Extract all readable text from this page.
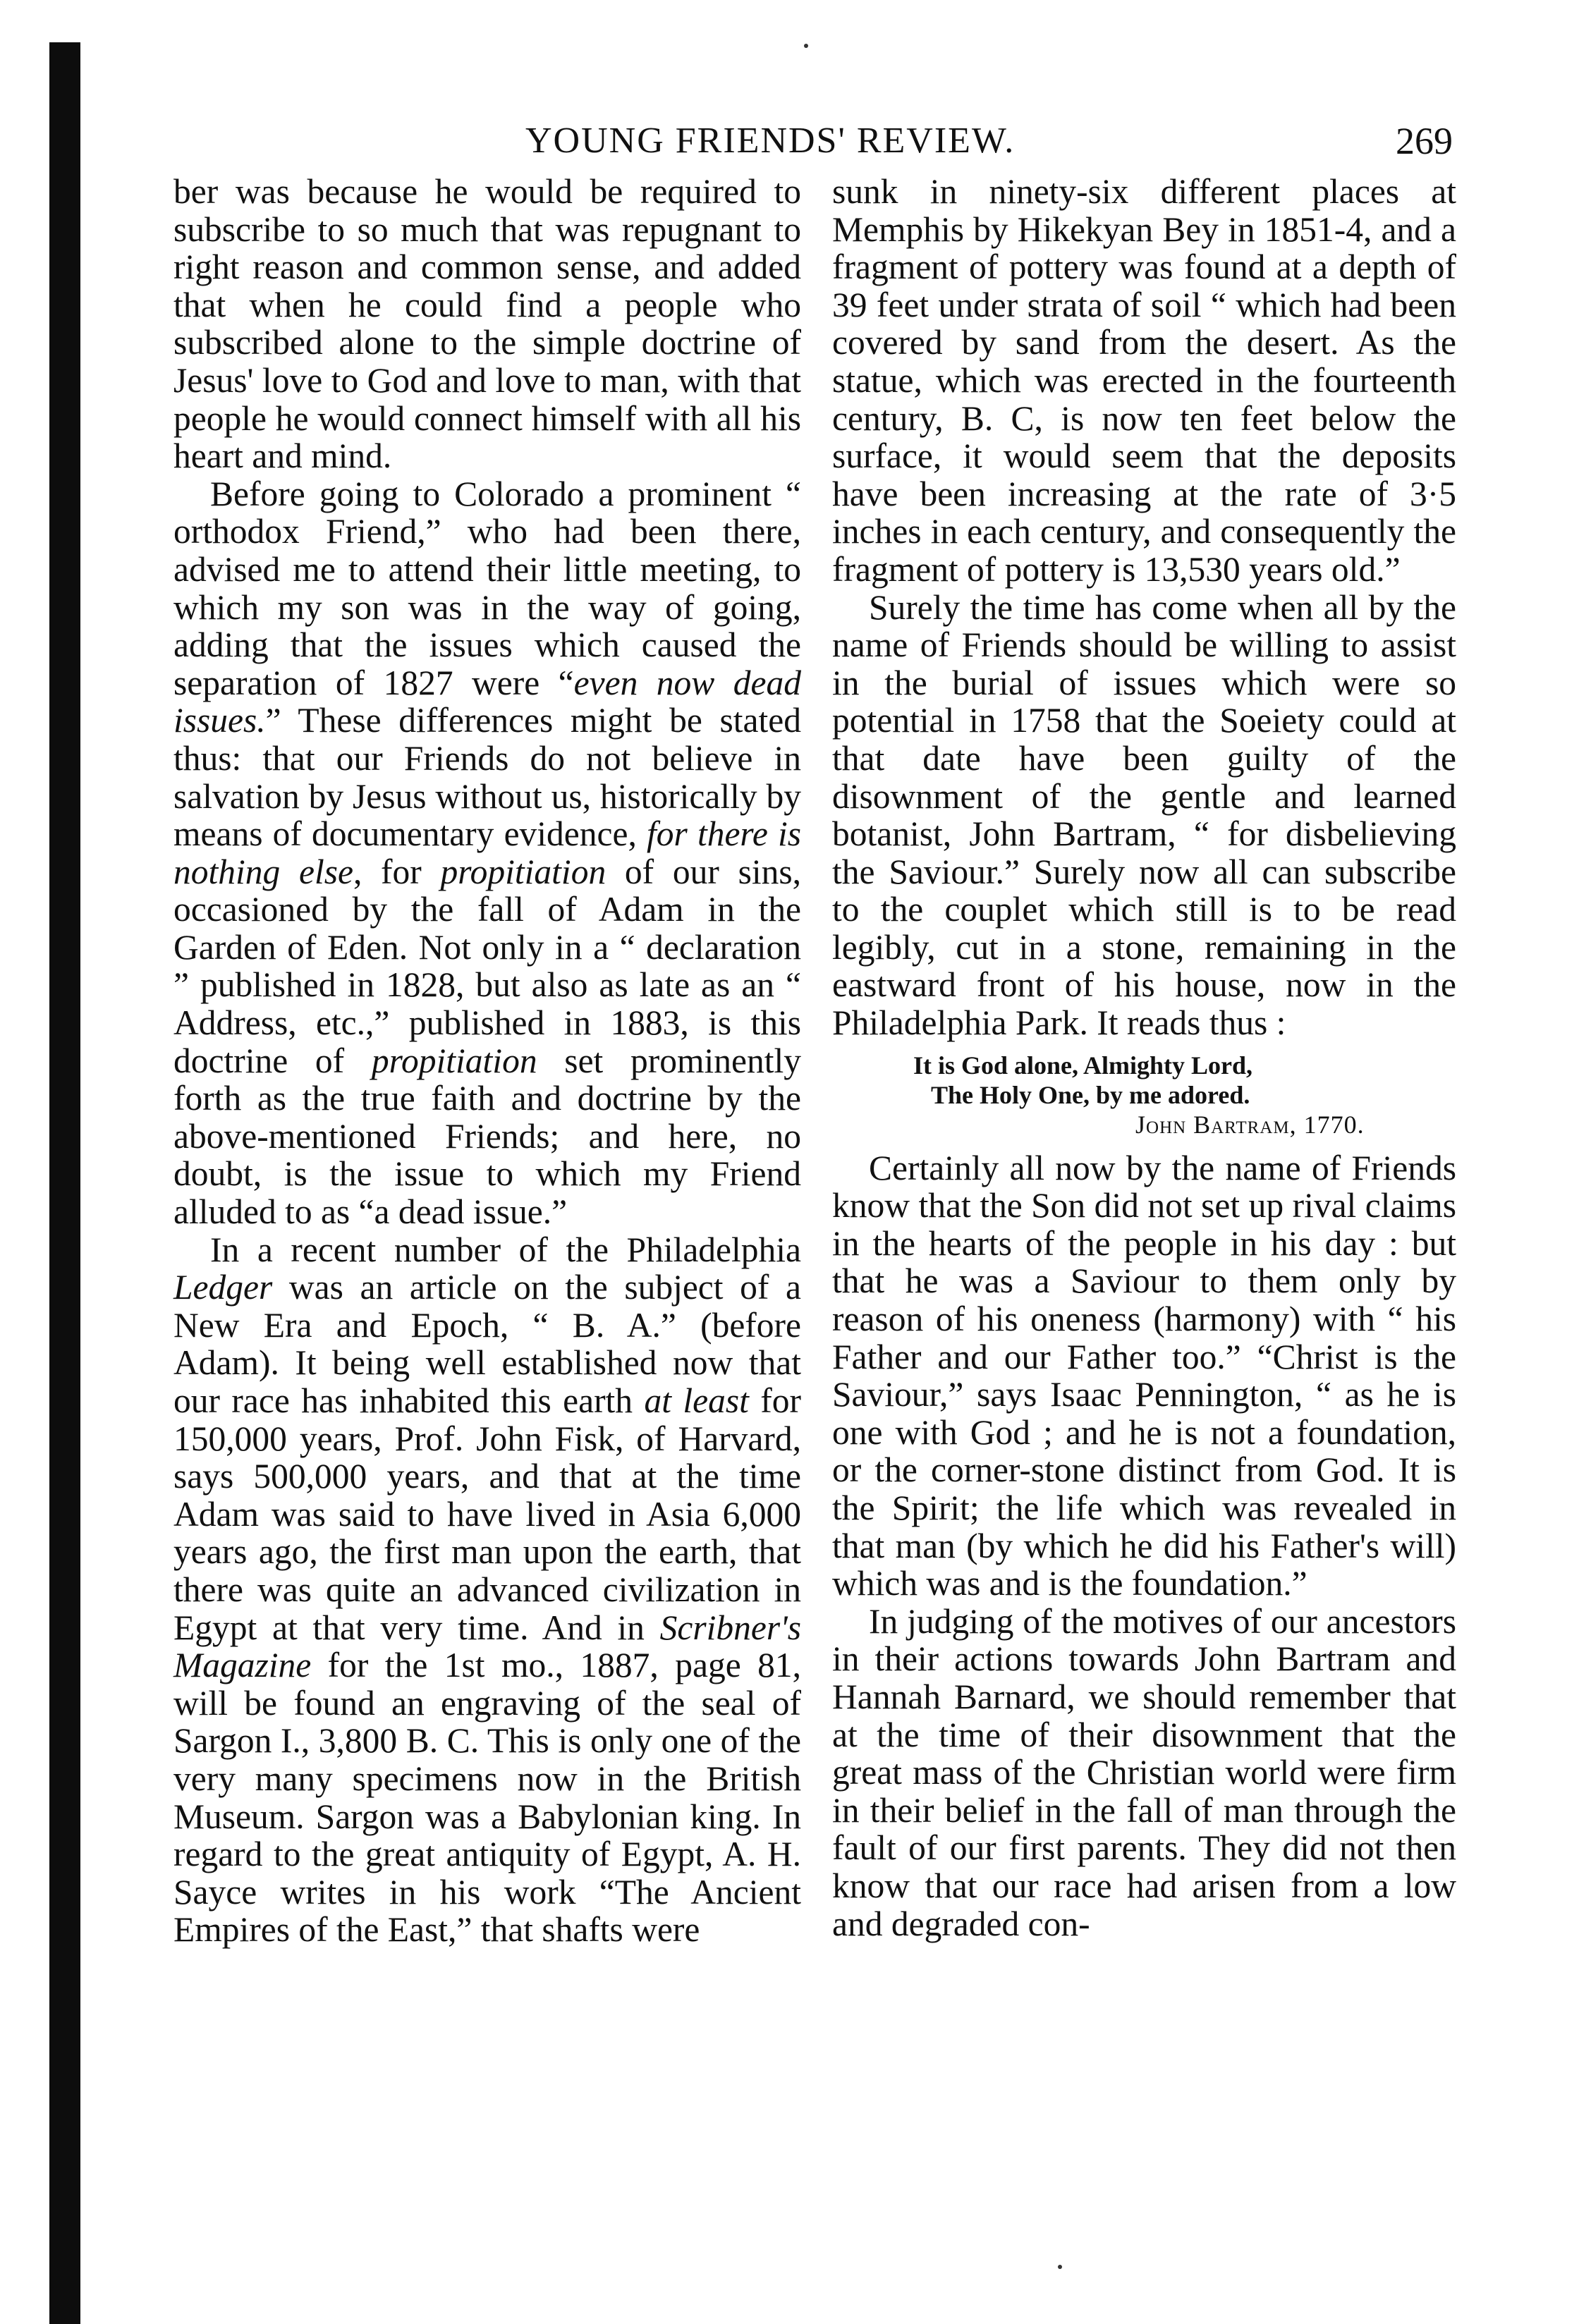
YOUNG FRIENDS' REVIEW.	269

ber was because he would be required to subscribe to so much that was repugnant to right reason and common sense, and added that when he could find a people who subscribed alone to the simple doctrine of Jesus' love to God and love to man, with that people he would connect himself with all his heart and mind.

Before going to Colorado a prominent “ orthodox Friend,” who had been there, advised me to attend their little meeting, to which my son was in the way of going, adding that the issues which caused the separation of 1827 were “even now dead issues.” These differences might be stated thus: that our Friends do not believe in salvation by Jesus without us, historically by means of documentary evidence, for there is nothing else, for propitiation of our sins, occasioned by the fall of Adam in the Garden of Eden. Not only in a “ declaration ” published in 1828, but also as late as an “ Address, etc.,” published in 1883, is this doctrine of propitiation set prominently forth as the true faith and doctrine by the above-mentioned Friends; and here, no doubt, is the issue to which my Friend alluded to as “a dead issue.”

In a recent number of the Philadelphia Ledger was an article on the subject of a New Era and Epoch, “ B. A.” (before Adam). It being well established now that our race has inhabited this earth at least for 150,000 years, Prof. John Fisk, of Harvard, says 500,000 years, and that at the time Adam was said to have lived in Asia 6,000 years ago, the first man upon the earth, that there was quite an advanced civilization in Egypt at that very time. And in Scribner's Magazine for the 1st mo., 1887, page 81, will be found an engraving of the seal of Sargon I., 3,800 B. C. This is only one of the very many specimens now in the British Museum. Sargon was a Babylonian king. In regard to the great antiquity of Egypt, A. H. Sayce writes in his work “The Ancient Empires of the East,” that shafts were

sunk in ninety-six different places at Memphis by Hikekyan Bey in 1851-4, and a fragment of pottery was found at a depth of 39 feet under strata of soil “ which had been covered by sand from the desert. As the statue, which was erected in the fourteenth century, B. C, is now ten feet below the surface, it would seem that the deposits have been increasing at the rate of 3·5 inches in each century, and consequently the fragment of pottery is 13,530 years old.”

Surely the time has come when all by the name of Friends should be willing to assist in the burial of issues which were so potential in 1758 that the Soeiety could at that date have been guilty of the disownment of the gentle and learned botanist, John Bartram, “ for disbelieving the Saviour.” Surely now all can subscribe to the couplet which still is to be read legibly, cut in a stone, remaining in the eastward front of his house, now in the Philadelphia Park. It reads thus :

It is God alone, Almighty Lord,
The Holy One, by me adored.
John Bartram, 1770.

Certainly all now by the name of Friends know that the Son did not set up rival claims in the hearts of the people in his day : but that he was a Saviour to them only by reason of his oneness (harmony) with “ his Father and our Father too.” “Christ is the Saviour,” says Isaac Pennington, “ as he is one with God ; and he is not a foundation, or the corner-stone distinct from God. It is the Spirit; the life which was revealed in that man (by which he did his Father's will) which was and is the foundation.”

In judging of the motives of our ancestors in their actions towards John Bartram and Hannah Barnard, we should remember that at the time of their disownment that the great mass of the Christian world were firm in their belief in the fall of man through the fault of our first parents. They did not then know that our race had arisen from a low and degraded con-
